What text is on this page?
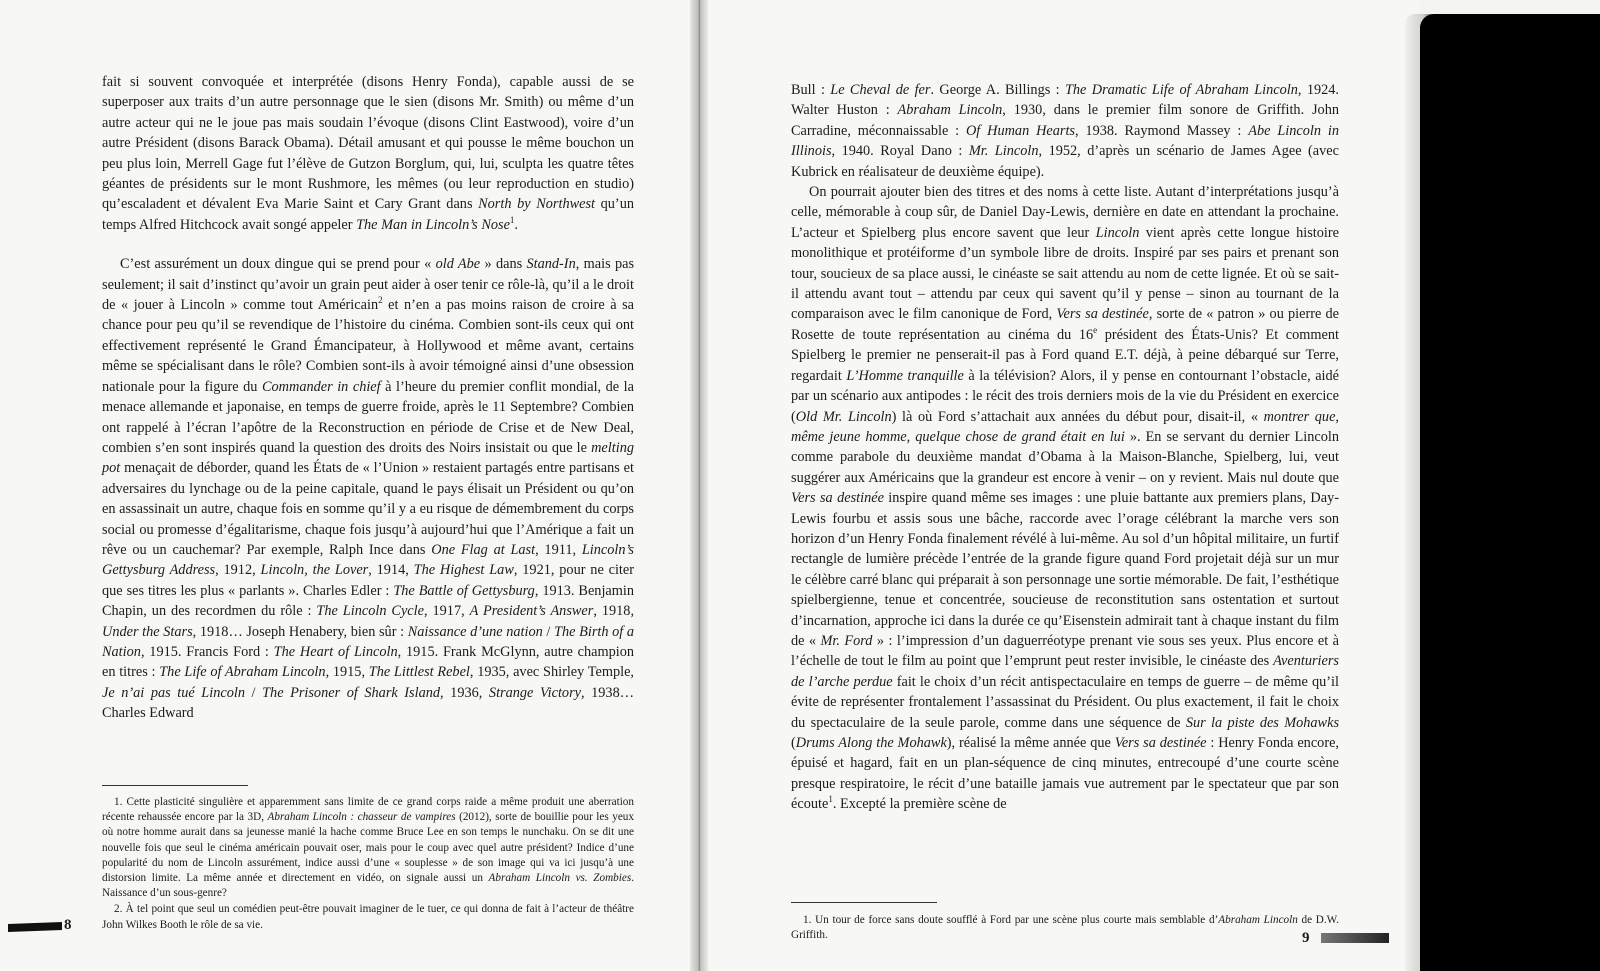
fait si souvent convoquée et interprétée (disons Henry Fonda), capable aussi de se superposer aux traits d’un autre personnage que le sien (disons Mr. Smith) ou même d’un autre acteur qui ne le joue pas mais soudain l’évoque (disons Clint Eastwood), voire d’un autre Président (disons Barack Obama). Détail amusant et qui pousse le même bouchon un peu plus loin, Merrell Gage fut l’élève de Gutzon Borglum, qui, lui, sculpta les quatre têtes géantes de présidents sur le mont Rushmore, les mêmes (ou leur reproduction en studio) qu’escaladent et dévalent Eva Marie Saint et Cary Grant dans North by Northwest qu’un temps Alfred Hitchcock avait songé appeler The Man in Lincoln’s Nose$^1$.

C’est assurément un doux dingue qui se prend pour « old Abe » dans Stand-In, mais pas seulement; il sait d’instinct qu’avoir un grain peut aider à oser tenir ce rôle-là, qu’il a le droit de « jouer à Lincoln » comme tout Américain$^2$ et n’en a pas moins raison de croire à sa chance pour peu qu’il se revendique de l’histoire du cinéma. Combien sont-ils ceux qui ont effectivement représenté le Grand Émancipateur, à Hollywood et même avant, certains même se spécialisant dans le rôle? Combien sont-ils à avoir témoigné ainsi d’une obsession nationale pour la figure du Commander in chief à l’heure du premier conflit mondial, de la menace allemande et japonaise, en temps de guerre froide, après le 11 Septembre? Combien ont rappelé à l’écran l’apôtre de la Reconstruction en période de Crise et de New Deal, combien s’en sont inspirés quand la question des droits des Noirs insistait ou que le melting pot menaçait de déborder, quand les États de « l’Union » restaient partagés entre partisans et adversaires du lynchage ou de la peine capitale, quand le pays élisait un Président ou qu’on en assassinait un autre, chaque fois en somme qu’il y a eu risque de démembrement du corps social ou promesse d’égalitarisme, chaque fois jusqu’à aujourd’hui que l’Amérique a fait un rêve ou un cauchemar? Par exemple, Ralph Ince dans One Flag at Last, 1911, Lincoln’s Gettysburg Address, 1912, Lincoln, the Lover, 1914, The Highest Law, 1921, pour ne citer que ses titres les plus « parlants ». Charles Edler : The Battle of Gettysburg, 1913. Benjamin Chapin, un des recordmen du rôle : The Lincoln Cycle, 1917, A President’s Answer, 1918, Under the Stars, 1918… Joseph Henabery, bien sûr : Naissance d’une nation / The Birth of a Nation, 1915. Francis Ford : The Heart of Lincoln, 1915. Frank McGlynn, autre champion en titres : The Life of Abraham Lincoln, 1915, The Littlest Rebel, 1935, avec Shirley Temple, Je n’ai pas tué Lincoln / The Prisoner of Shark Island, 1936, Strange Victory, 1938… Charles Edward

1. Cette plasticité singulière et apparemment sans limite de ce grand corps raide a même produit une aberration récente rehaussée encore par la 3D, Abraham Lincoln : chasseur de vampires (2012), sorte de bouillie pour les yeux où notre homme aurait dans sa jeunesse manié la hache comme Bruce Lee en son temps le nunchaku. On se dit une nouvelle fois que seul le cinéma américain pouvait oser, mais pour le coup avec quel autre président? Indice d’une popularité du nom de Lincoln assurément, indice aussi d’une « souplesse » de son image qui va ici jusqu’à une distorsion limite. La même année et directement en vidéo, on signale aussi un Abraham Lincoln vs. Zombies. Naissance d’un sous-genre?

2. À tel point que seul un comédien peut-être pouvait imaginer de le tuer, ce qui donna de fait à l’acteur de théâtre John Wilkes Booth le rôle de sa vie.

8

Bull : Le Cheval de fer. George A. Billings : The Dramatic Life of Abraham Lincoln, 1924. Walter Huston : Abraham Lincoln, 1930, dans le premier film sonore de Griffith. John Carradine, méconnaissable : Of Human Hearts, 1938. Raymond Massey : Abe Lincoln in Illinois, 1940. Royal Dano : Mr. Lincoln, 1952, d’après un scénario de James Agee (avec Kubrick en réalisateur de deuxième équipe).

On pourrait ajouter bien des titres et des noms à cette liste. Autant d’interprétations jusqu’à celle, mémorable à coup sûr, de Daniel Day-Lewis, dernière en date en attendant la prochaine. L’acteur et Spielberg plus encore savent que leur Lincoln vient après cette longue histoire monolithique et protéiforme d’un symbole libre de droits. Inspiré par ses pairs et prenant son tour, soucieux de sa place aussi, le cinéaste se sait attendu au nom de cette lignée. Et où se sait-il attendu avant tout – attendu par ceux qui savent qu’il y pense – sinon au tournant de la comparaison avec le film canonique de Ford, Vers sa destinée, sorte de « patron » ou pierre de Rosette de toute représentation au cinéma du 16e président des États-Unis? Et comment Spielberg le premier ne penserait-il pas à Ford quand E.T. déjà, à peine débarqué sur Terre, regardait L’Homme tranquille à la télévision? Alors, il y pense en contournant l’obstacle, aidé par un scénario aux antipodes : le récit des trois derniers mois de la vie du Président en exercice (Old Mr. Lincoln) là où Ford s’attachait aux années du début pour, disait-il, « montrer que, même jeune homme, quelque chose de grand était en lui ». En se servant du dernier Lincoln comme parabole du deuxième mandat d’Obama à la Maison-Blanche, Spielberg, lui, veut suggérer aux Américains que la grandeur est encore à venir – on y revient. Mais nul doute que Vers sa destinée inspire quand même ses images : une pluie battante aux premiers plans, Day-Lewis fourbu et assis sous une bâche, raccorde avec l’orage célébrant la marche vers son horizon d’un Henry Fonda finalement révélé à lui-même. Au sol d’un hôpital militaire, un furtif rectangle de lumière précède l’entrée de la grande figure quand Ford projetait déjà sur un mur le célèbre carré blanc qui préparait à son personnage une sortie mémorable. De fait, l’esthétique spielbergienne, tenue et concentrée, soucieuse de reconstitution sans ostentation et surtout d’incarnation, approche ici dans la durée ce qu’Eisenstein admirait tant à chaque instant du film de « Mr. Ford » : l’impression d’un daguerréotype prenant vie sous ses yeux. Plus encore et à l’échelle de tout le film au point que l’emprunt peut rester invisible, le cinéaste des Aventuriers de l’arche perdue fait le choix d’un récit antispectaculaire en temps de guerre – de même qu’il évite de représenter frontalement l’assassinat du Président. Ou plus exactement, il fait le choix du spectaculaire de la seule parole, comme dans une séquence de Sur la piste des Mohawks (Drums Along the Mohawk), réalisé la même année que Vers sa destinée : Henry Fonda encore, épuisé et hagard, fait en un plan-séquence de cinq minutes, entrecoupé d’une courte scène presque respiratoire, le récit d’une bataille jamais vue autrement par le spectateur que par son écoute$^1$. Excepté la première scène de

1. Un tour de force sans doute soufflé à Ford par une scène plus courte mais semblable d’Abraham Lincoln de D.W. Griffith.	9
